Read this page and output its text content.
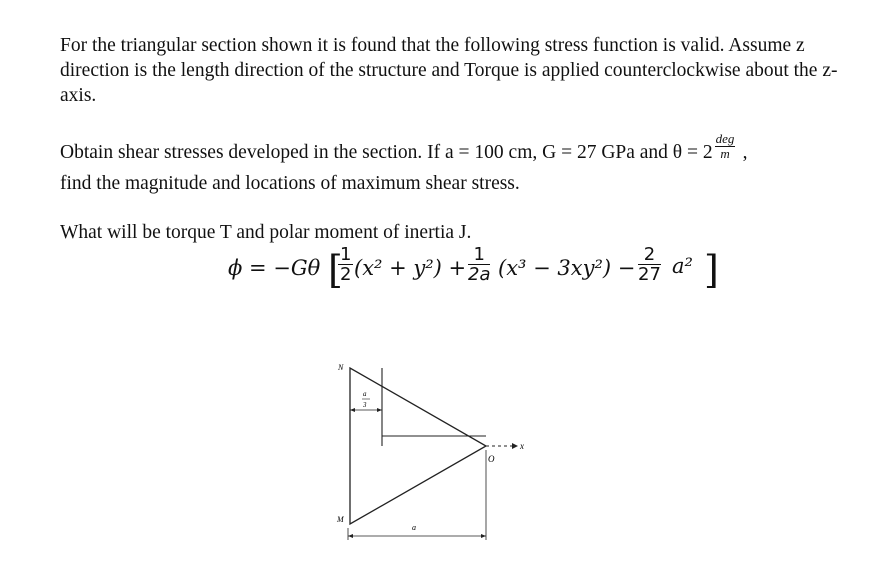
For the triangular section shown it is found that the following stress function is valid. Assume z direction is the length direction of the structure and Torque is applied counterclockwise about the z-axis.
Obtain shear stresses developed in the section. If a = 100 cm, G = 27 GPa and θ = 2
deg
m ,
find the magnitude and locations of maximum shear stress.
What will be torque T and polar moment of inertia J.
ϕ = −Gθ [
$\frac{1}{2} (x^2 + y^2) + \frac{1}{2a} (x^3 - 3xy^2) - \frac{2}{27} a^2$ ]
N
M
O
x
a
a
3
